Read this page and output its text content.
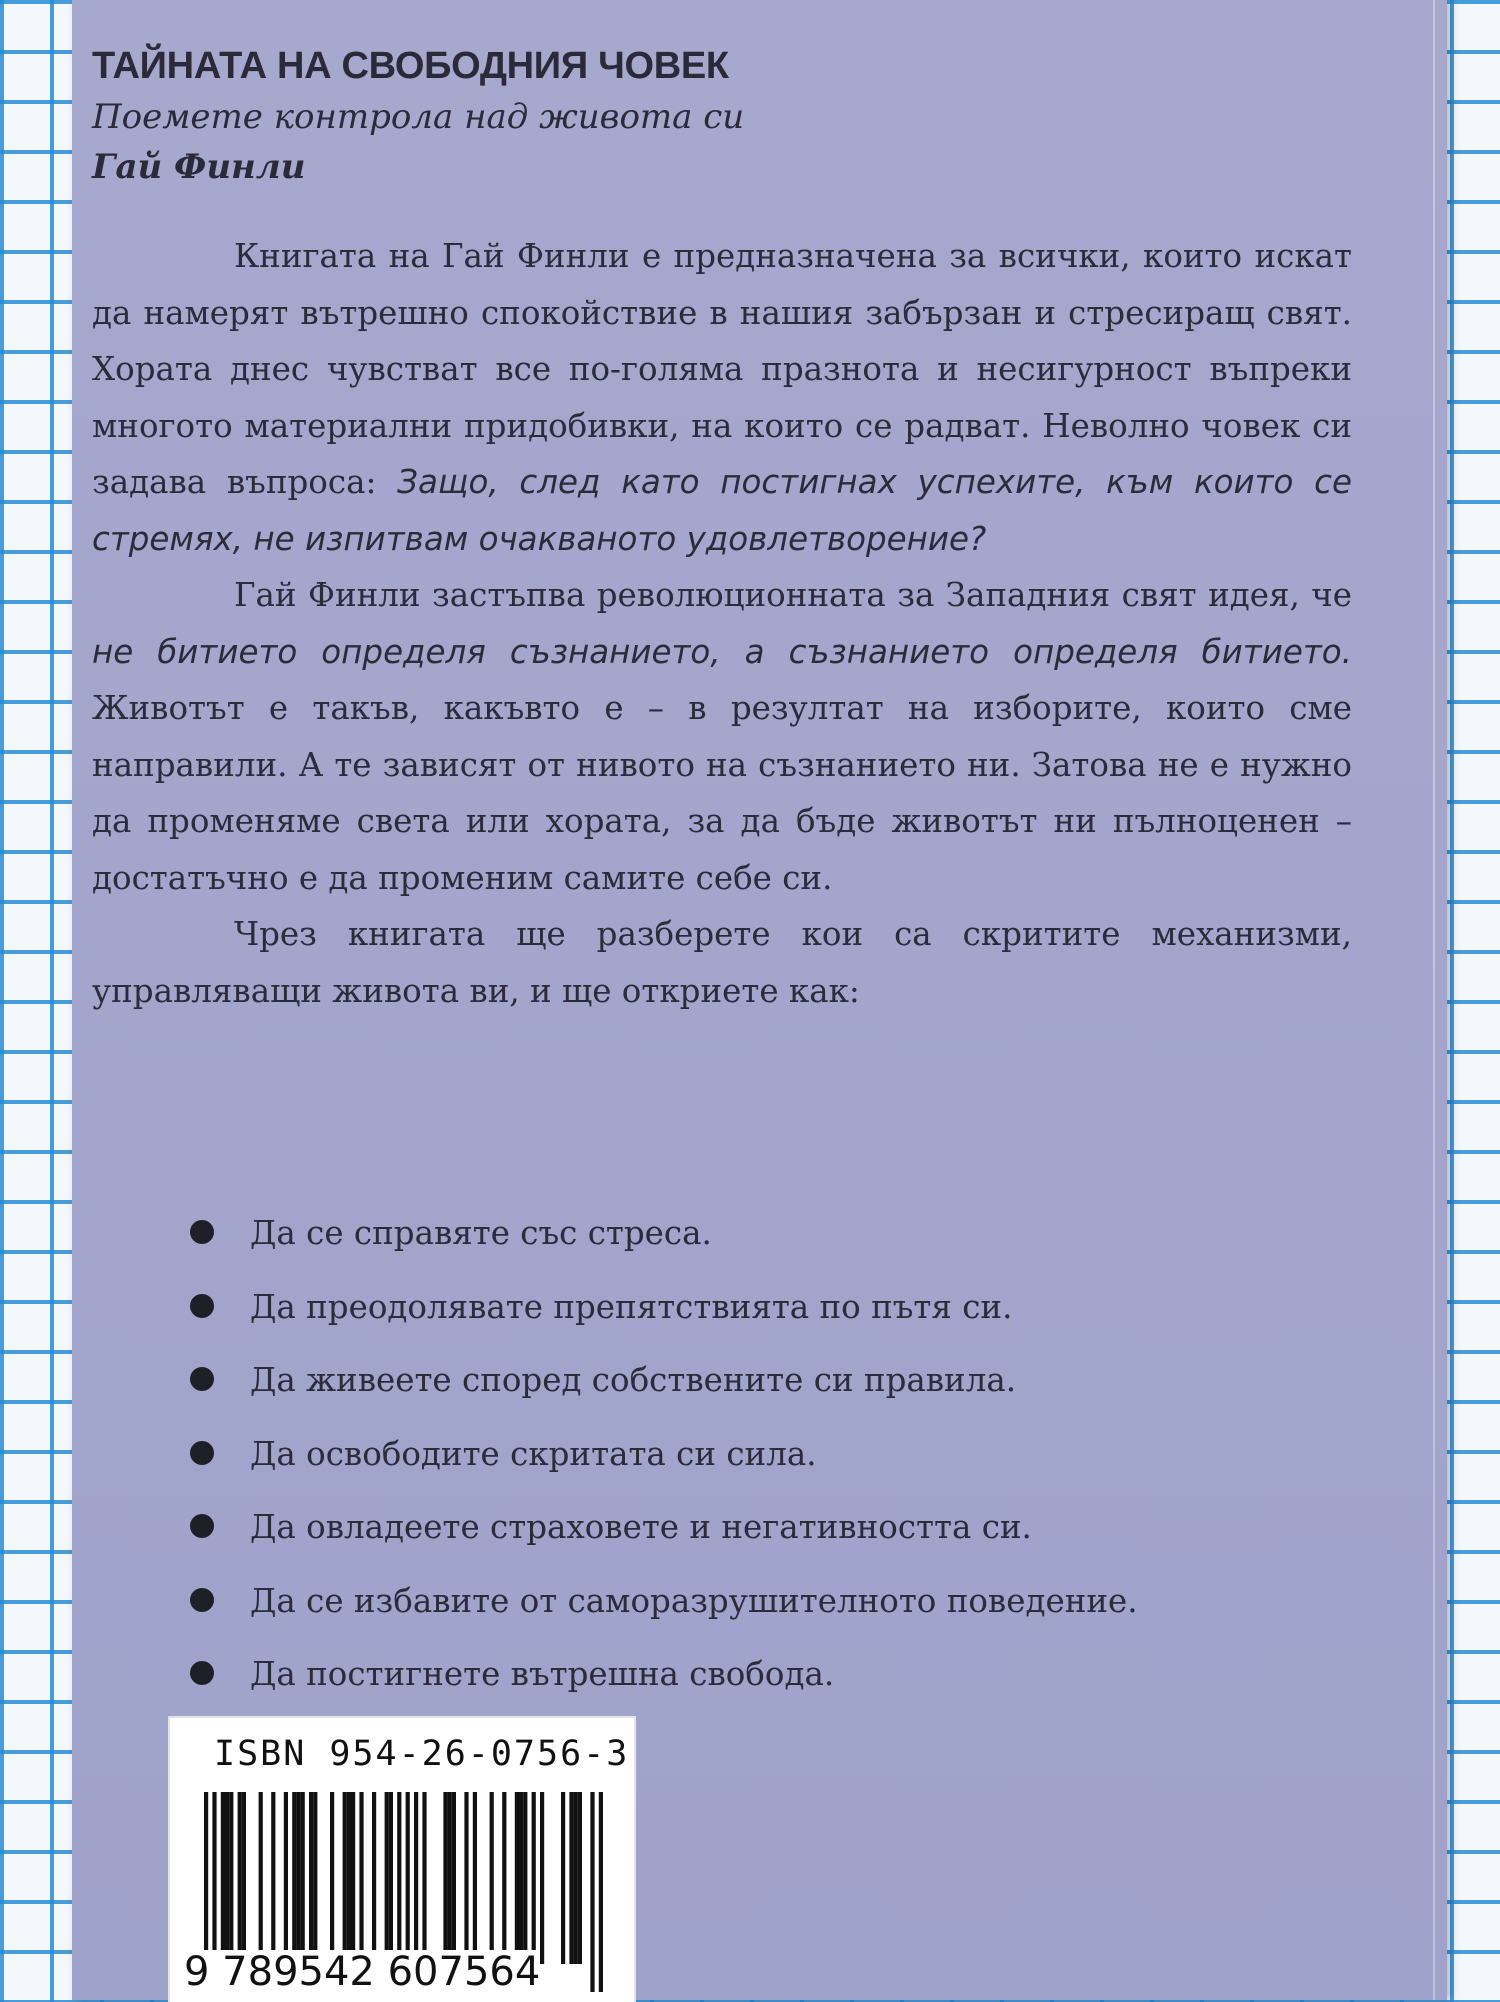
ТАЙНАТА НА СВОБОДНИЯ ЧОВЕК
Поемете контрола над живота си
Гай Финли

Книгата на Гай Финли е предназначена за всички, които искат да намерят вътрешно спокойствие в нашия забързан и стресиращ свят. Хората днес чувстват все по-голяма празнота и несигурност въпреки многото материални придобивки, на които се радват. Неволно човек си задава въпроса: Защо, след като постигнах успехите, към които се стремях, не изпитвам очакваното удовлетворение?

Гай Финли застъпва революционната за Западния свят идея, че не битието определя съзнанието, а съзнанието определя битието. Животът е такъв, какъвто е – в резултат на изборите, които сме направили. А те зависят от нивото на съзнанието ни. Затова не е нужно да променяме света или хората, за да бъде животът ни пълноценен – достатъчно е да променим самите себе си.

Чрез книгата ще разберете кои са скритите механизми, управляващи живота ви, и ще откриете как:

Да се справяте със стреса.
Да преодолявате препятствията по пътя си.
Да живеете според собствените си правила.
Да освободите скритата си сила.
Да овладеете страховете и негативността си.
Да се избавите от саморазрушителното поведение.
Да постигнете вътрешна свобода.
ISBN 954-26-0756-3
9 789542 607564
